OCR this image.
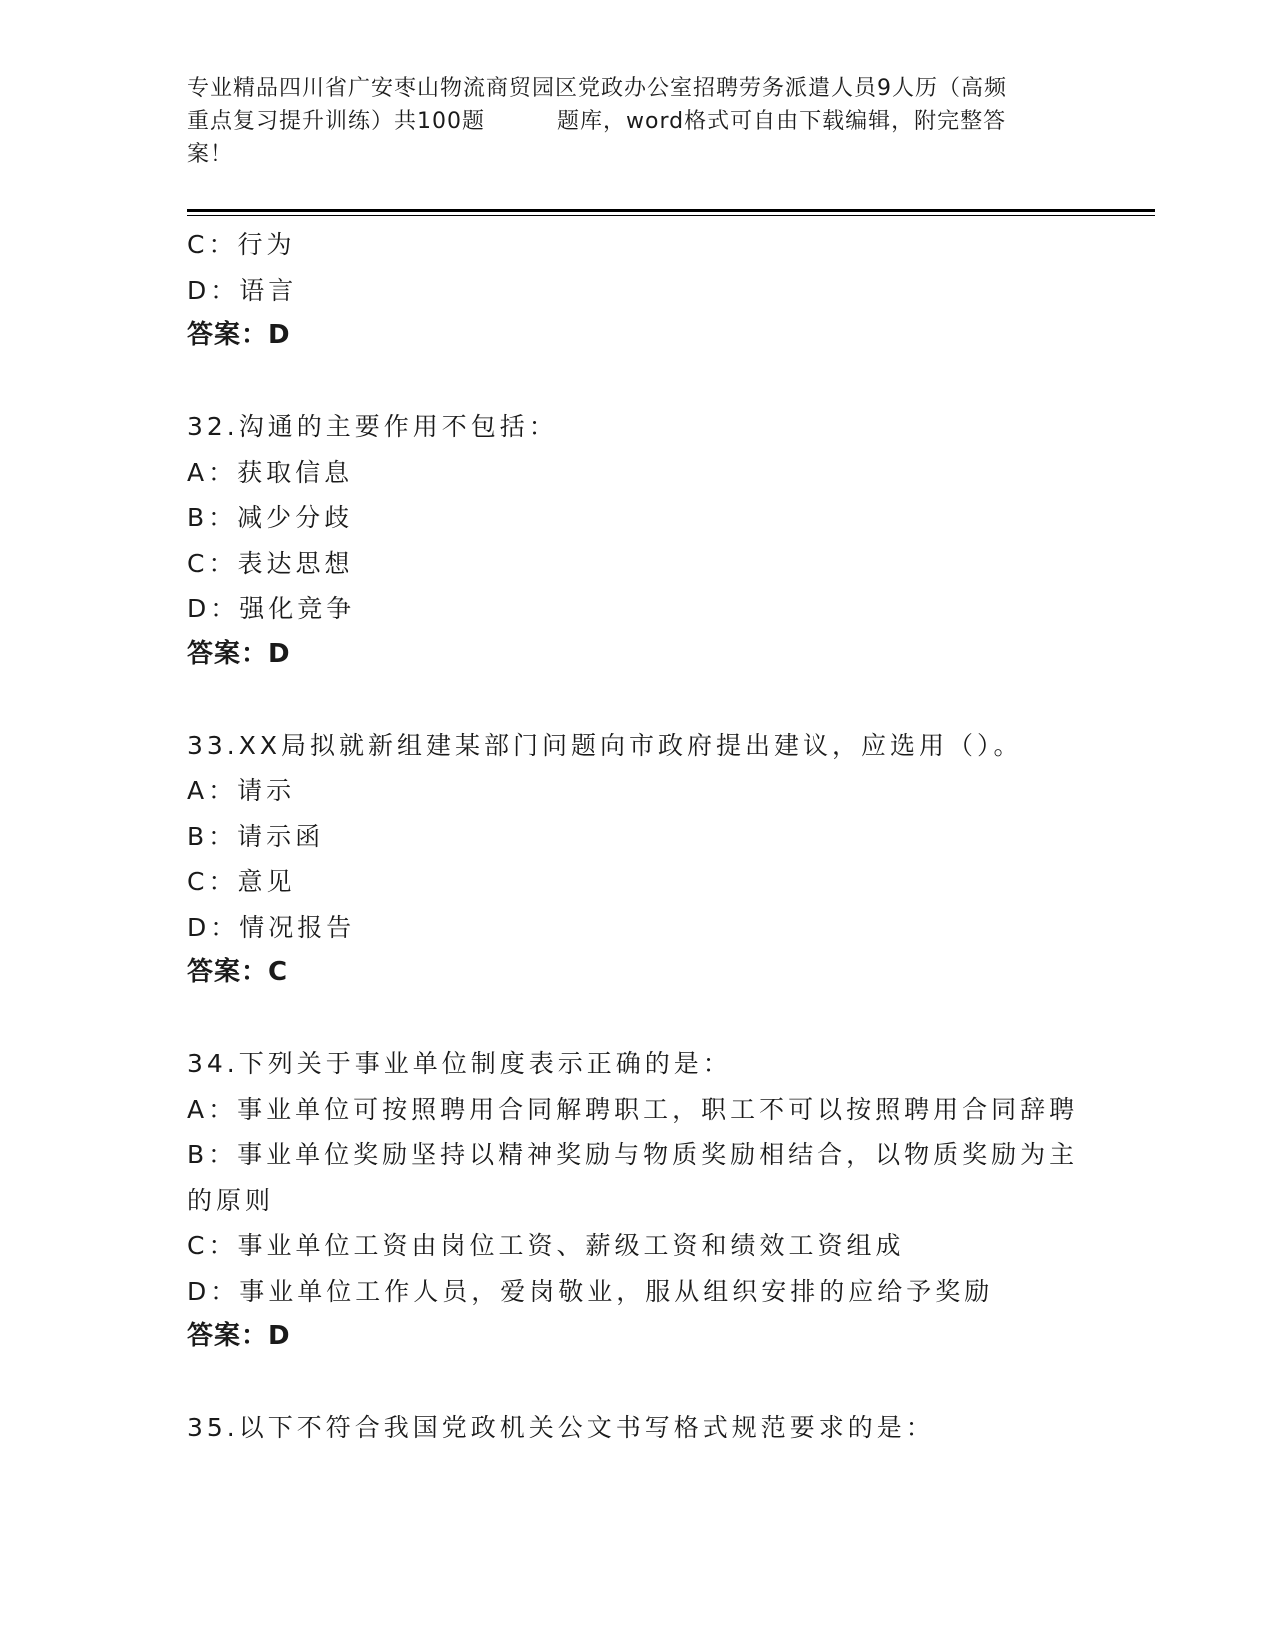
专业精品四川省广安枣山物流商贸园区党政办公室招聘劳务派遣人员9人历（高频
重点复习提升训练）共100题	题库，word格式可自由下载编辑，附完整答
案！
C：行为
D：语言
答案：D
32.沟通的主要作用不包括：
A：获取信息
B：减少分歧
C：表达思想
D：强化竞争
答案：D
33.XX局拟就新组建某部门问题向市政府提出建议，应选用（）。
A：请示
B：请示函
C：意见
D：情况报告
答案：C
34.下列关于事业单位制度表示正确的是：
A：事业单位可按照聘用合同解聘职工，职工不可以按照聘用合同辞聘
B：事业单位奖励坚持以精神奖励与物质奖励相结合，以物质奖励为主
的原则
C：事业单位工资由岗位工资、薪级工资和绩效工资组成
D：事业单位工作人员，爱岗敬业，服从组织安排的应给予奖励
答案：D
35.以下不符合我国党政机关公文书写格式规范要求的是：
